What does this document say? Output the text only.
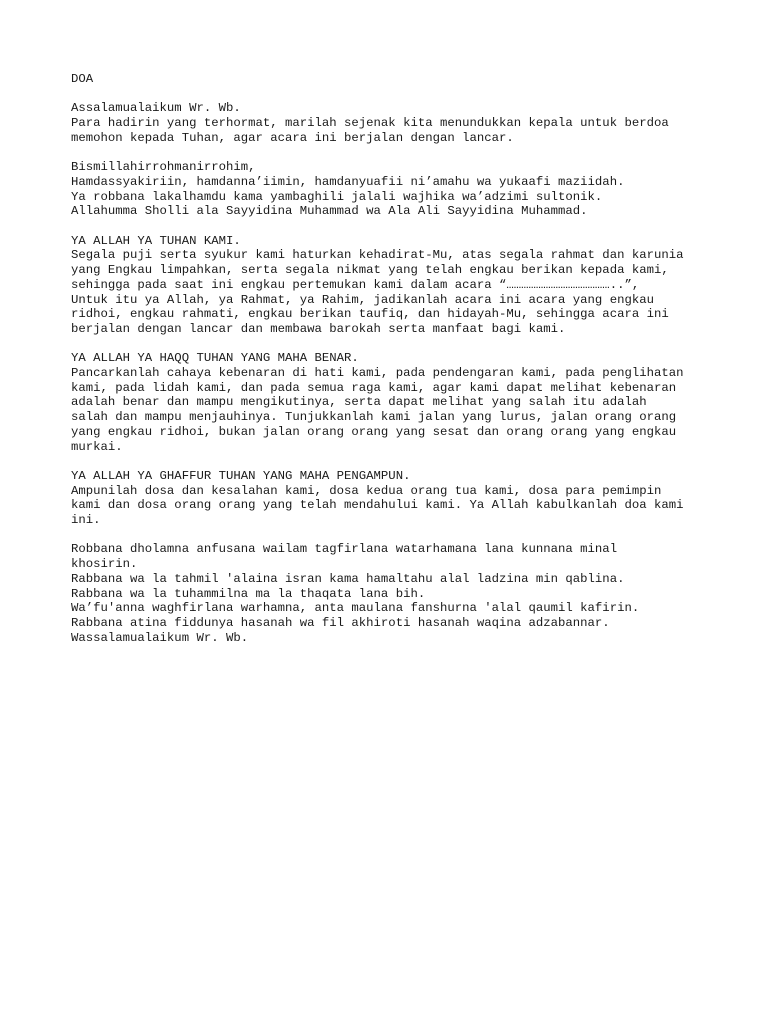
DOA
Assalamualaikum Wr. Wb.
Para hadirin yang terhormat, marilah sejenak kita menundukkan kepala untuk berdoa
memohon kepada Tuhan, agar acara ini berjalan dengan lancar.
Bismillahirrohmanirrohim,
Hamdassyakiriin, hamdanna’iimin, hamdanyuafii ni’amahu wa yukaafi maziidah.
Ya robbana lakalhamdu kama yambaghili jalali wajhika wa’adzimi sultonik.
Allahumma Sholli ala Sayyidina Muhammad wa Ala Ali Sayyidina Muhammad.
YA ALLAH YA TUHAN KAMI.
Segala puji serta syukur kami haturkan kehadirat-Mu, atas segala rahmat dan karunia
yang Engkau limpahkan, serta segala nikmat yang telah engkau berikan kepada kami,
sehingga pada saat ini engkau pertemukan kami dalam acara “……………………………………..”,
Untuk itu ya Allah, ya Rahmat, ya Rahim, jadikanlah acara ini acara yang engkau
ridhoi, engkau rahmati, engkau berikan taufiq, dan hidayah-Mu, sehingga acara ini
berjalan dengan lancar dan membawa barokah serta manfaat bagi kami.
YA ALLAH YA HAQQ TUHAN YANG MAHA BENAR.
Pancarkanlah cahaya kebenaran di hati kami, pada pendengaran kami, pada penglihatan
kami, pada lidah kami, dan pada semua raga kami, agar kami dapat melihat kebenaran
adalah benar dan mampu mengikutinya, serta dapat melihat yang salah itu adalah
salah dan mampu menjauhinya. Tunjukkanlah kami jalan yang lurus, jalan orang orang
yang engkau ridhoi, bukan jalan orang orang yang sesat dan orang orang yang engkau
murkai.
YA ALLAH YA GHAFFUR TUHAN YANG MAHA PENGAMPUN.
Ampunilah dosa dan kesalahan kami, dosa kedua orang tua kami, dosa para pemimpin
kami dan dosa orang orang yang telah mendahului kami. Ya Allah kabulkanlah doa kami
ini.
Robbana dholamna anfusana wailam tagfirlana watarhamana lana kunnana minal
khosirin.
Rabbana wa la tahmil 'alaina isran kama hamaltahu alal ladzina min qablina.
Rabbana wa la tuhammilna ma la thaqata lana bih.
Wa’fu'anna waghfirlana warhamna, anta maulana fanshurna 'alal qaumil kafirin.
Rabbana atina fiddunya hasanah wa fil akhiroti hasanah waqina adzabannar.
Wassalamualaikum Wr. Wb.
